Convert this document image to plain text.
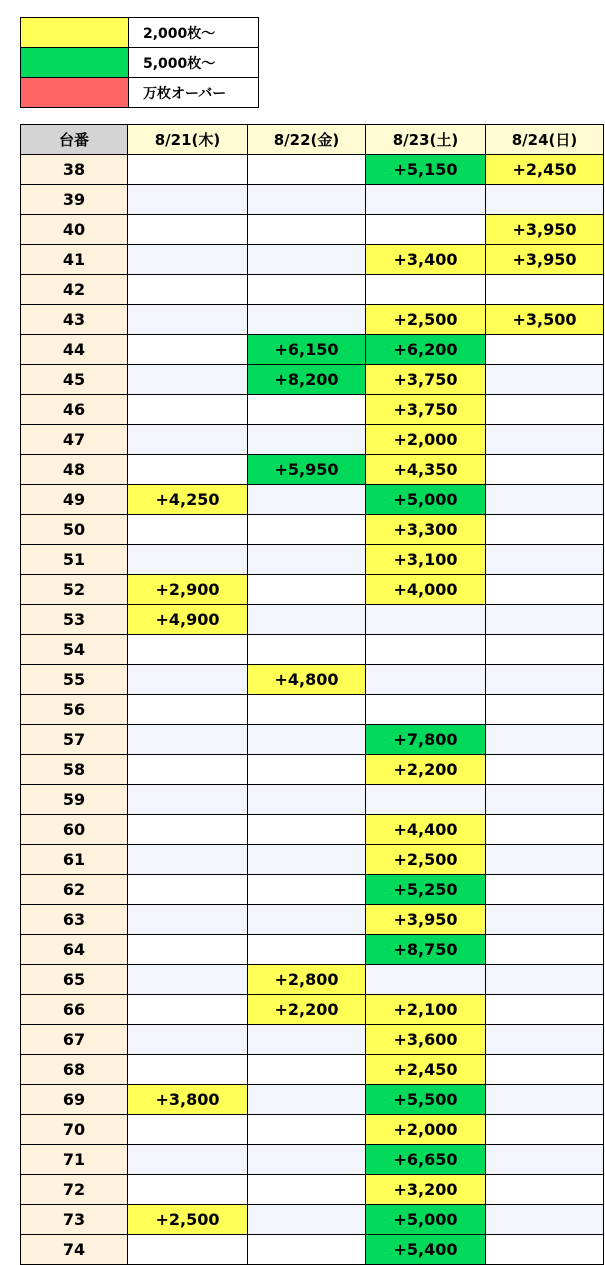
	2,000枚〜
	5,000枚〜
	万枚オーバー
台番	8/21(木)	8/22(金)	8/23(土)	8/24(日)
38			+5,150	+2,450
39				
40				+3,950
41			+3,400	+3,950
42				
43			+2,500	+3,500
44		+6,150	+6,200	
45		+8,200	+3,750	
46			+3,750	
47			+2,000	
48		+5,950	+4,350	
49	+4,250		+5,000	
50			+3,300	
51			+3,100	
52	+2,900		+4,000	
53	+4,900			
54				
55		+4,800		
56				
57			+7,800	
58			+2,200	
59				
60			+4,400	
61			+2,500	
62			+5,250	
63			+3,950	
64			+8,750	
65		+2,800		
66		+2,200	+2,100	
67			+3,600	
68			+2,450	
69	+3,800		+5,500	
70			+2,000	
71			+6,650	
72			+3,200	
73	+2,500		+5,000	
74			+5,400	
